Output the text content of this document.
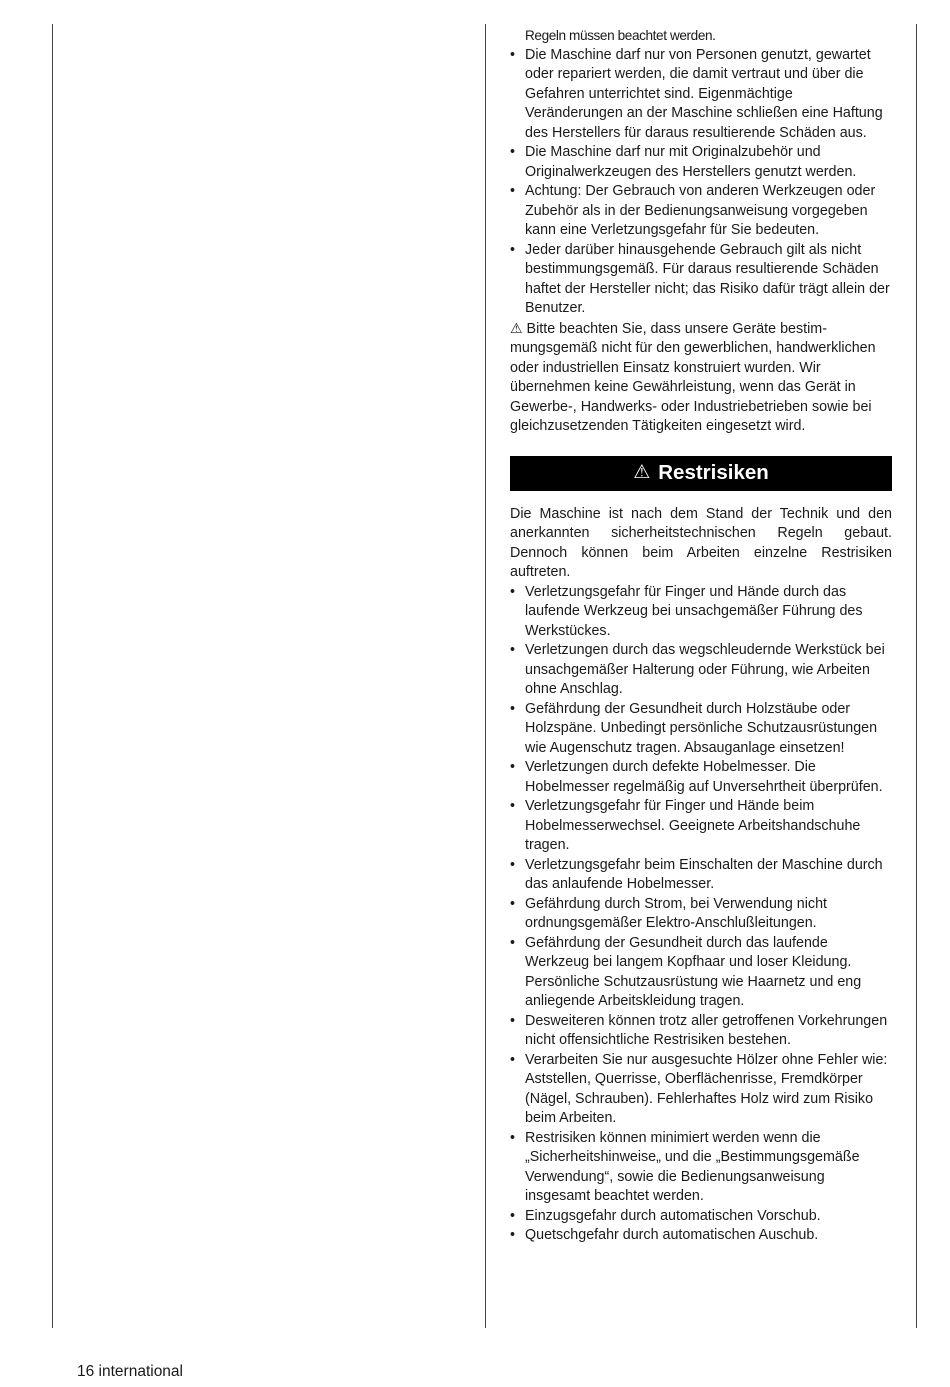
Regeln müssen beachtet werden.

• Die Maschine darf nur von Personen genutzt, gewartet oder repariert werden, die damit vertraut und über die Gefahren unterrichtet sind. Eigenmächtige Veränderungen an der Maschine schließen eine Haftung des Herstellers für daraus resultierende Schäden aus.
• Die Maschine darf nur mit Originalzubehör und Originalwerkzeugen des Herstellers genutzt werden.
• Achtung: Der Gebrauch von anderen Werkzeugen oder Zubehör als in der Bedienungsanweisung vorgegeben kann eine Verletzungsgefahr für Sie bedeuten.
• Jeder darüber hinausgehende Gebrauch gilt als nicht bestimmungsgemäß. Für daraus resultierende Schäden haftet der Hersteller nicht; das Risiko dafür trägt allein der Benutzer.

⚠ Bitte beachten Sie, dass unsere Geräte bestimmungsgemäß nicht für den gewerblichen, handwerklichen oder industriellen Einsatz konstruiert wurden. Wir übernehmen keine Gewährleistung, wenn das Gerät in Gewerbe-, Handwerks- oder Industriebetrieben sowie bei gleichzusetzenden Tätigkeiten eingesetzt wird.

⚠ Restrisiken

Die Maschine ist nach dem Stand der Technik und den anerkannten sicherheitstechnischen Regeln gebaut. Dennoch können beim Arbeiten einzelne Restrisiken auftreten.

• Verletzungsgefahr für Finger und Hände durch das laufende Werkzeug bei unsachgemäßer Führung des Werkstückes.
• Verletzungen durch das wegschleudernde Werkstück bei unsachgemäßer Halterung oder Führung, wie Arbeiten ohne Anschlag.
• Gefährdung der Gesundheit durch Holzstäube oder Holzspäne. Unbedingt persönliche Schutzausrüstungen wie Augenschutz tragen. Absauganlage einsetzen!
• Verletzungen durch defekte Hobelmesser. Die Hobelmesser regelmäßig auf Unversehrtheit überprüfen.
• Verletzungsgefahr für Finger und Hände beim Hobelmesserwechsel. Geeignete Arbeitshandschuhe tragen.
• Verletzungsgefahr beim Einschalten der Maschine durch das anlaufende Hobelmesser.
• Gefährdung durch Strom, bei Verwendung nicht ordnungsgemäßer Elektro-Anschlußleitungen.
• Gefährdung der Gesundheit durch das laufende Werkzeug bei langem Kopfhaar und loser Kleidung. Persönliche Schutzausrüstung wie Haarnetz und eng anliegende Arbeitskleidung tragen.
• Desweiteren können trotz aller getroffenen Vorkehrungen nicht offensichtliche Restrisiken bestehen.
• Verarbeiten Sie nur ausgesuchte Hölzer ohne Fehler wie: Aststellen, Querrisse, Oberflächenrisse, Fremdkörper (Nägel, Schrauben). Fehlerhaftes Holz wird zum Risiko beim Arbeiten.
• Restrisiken können minimiert werden wenn die „Sicherheitshinweise„ und die „Bestimmungsgemäße Verwendung“, sowie die Bedienungsanweisung insgesamt beachtet werden.
• Einzugsgefahr durch automatischen Vorschub.
• Quetschgefahr durch automatischen Auschub.
16 international
